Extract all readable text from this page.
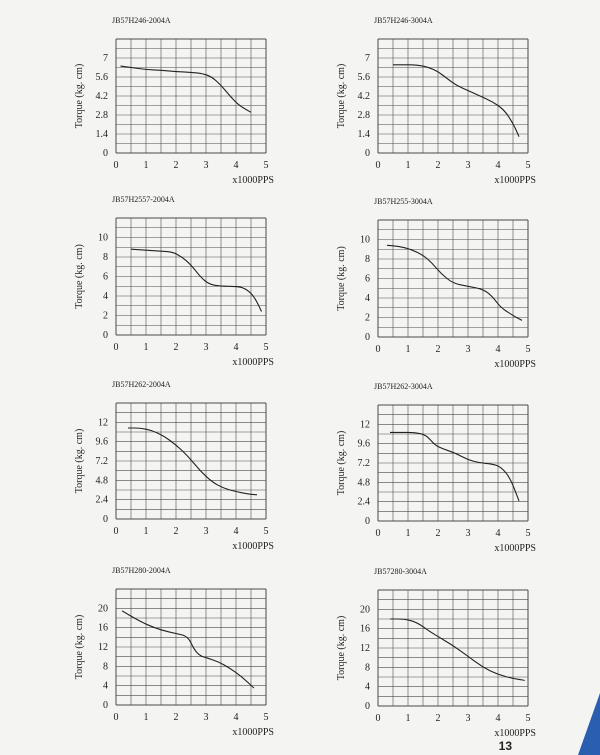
JB57H246-2004A
Torque (kg. cm)
x1000PPS
0	1	2	3	4	5
0
1.4
2.8
4.2
5.6
7
JB57H246-3004A
Torque (kg. cm)
x1000PPS
0	1	2	3	4	5
0
1.4
2.8
4.2
5.6
7
JB57H2557-2004A
Torque (kg. cm)
x1000PPS
0	1	2	3	4	5
0
2
4
6
8
10
JB57H255-3004A
Torque (kg. cm)
x1000PPS
0	1	2	3	4	5
0
2
4
6
8
10
JB57H262-2004A
Torque (kg. cm)
x1000PPS
0	1	2	3	4	5
0
2.4
4.8
7.2
9.6
12
JB57H262-3004A
Torque (kg. cm)
x1000PPS
0	1	2	3	4	5
0
2.4
4.8
7.2
9.6
12
JB57H280-2004A
Torque (kg. cm)
x1000PPS
0	1	2	3	4	5
0
4
8
12
16
20
JB57280-3004A
Torque (kg. cm)
x1000PPS
0	1	2	3	4	5
0
4
8
12
16
20
13
